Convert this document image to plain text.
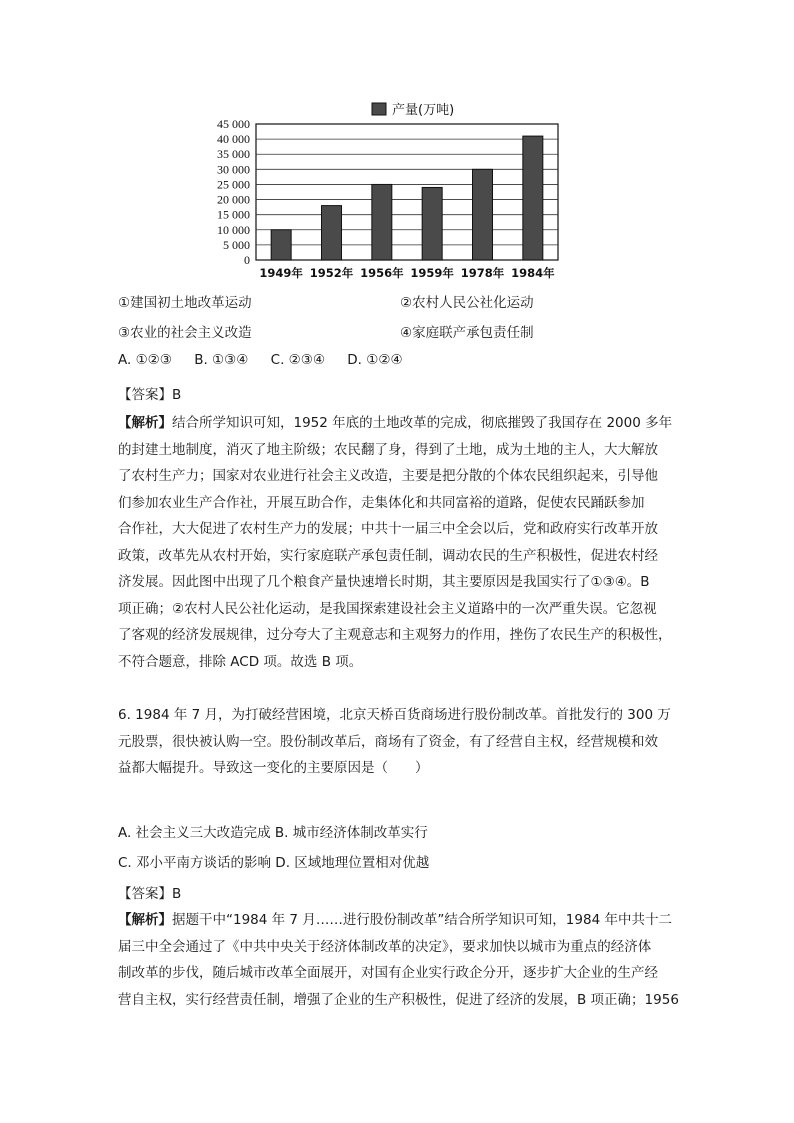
0
5 000
10 000
15 000
20 000
25 000
30 000
35 000
40 000
45 000
1949年 1952年 1956年 1959年 1978年 1984年
产量(万吨)
①建国初土地改革运动	②农村人民公社化运动
③农业的社会主义改造	④家庭联产承包责任制
A. ①②③ B. ①③④ C. ②③④ D. ①②④
【答案】B
【解析】结合所学知识可知，1952 年底的土地改革的完成，彻底摧毁了我国存在 2000 多年
的封建土地制度，消灭了地主阶级；农民翻了身，得到了土地，成为土地的主人，大大解放
了农村生产力；国家对农业进行社会主义改造，主要是把分散的个体农民组织起来，引导他
们参加农业生产合作社，开展互助合作，走集体化和共同富裕的道路，促使农民踊跃参加
合作社，大大促进了农村生产力的发展；中共十一届三中全会以后，党和政府实行改革开放
政策，改革先从农村开始，实行家庭联产承包责任制，调动农民的生产积极性，促进农村经
济发展。因此图中出现了几个粮食产量快速增长时期，其主要原因是我国实行了①③④。B
项正确；②农村人民公社化运动，是我国探索建设社会主义道路中的一次严重失误。它忽视
了客观的经济发展规律，过分夸大了主观意志和主观努力的作用，挫伤了农民生产的积极性，
不符合题意，排除 ACD 项。故选 B 项。
6. 1984 年 7 月，为打破经营困境，北京天桥百货商场进行股份制改革。首批发行的 300 万
元股票，很快被认购一空。股份制改革后，商场有了资金，有了经营自主权，经营规模和效
益都大幅提升。导致这一变化的主要原因是（　　）
A. 社会主义三大改造完成 B. 城市经济体制改革实行
C. 邓小平南方谈话的影响 D. 区域地理位置相对优越
【答案】B
【解析】据题干中“1984 年 7 月……进行股份制改革”结合所学知识可知，1984 年中共十二
届三中全会通过了《中共中央关于经济体制改革的决定》，要求加快以城市为重点的经济体
制改革的步伐，随后城市改革全面展开，对国有企业实行政企分开，逐步扩大企业的生产经
营自主权，实行经营责任制，增强了企业的生产积极性，促进了经济的发展，B 项正确；1956
